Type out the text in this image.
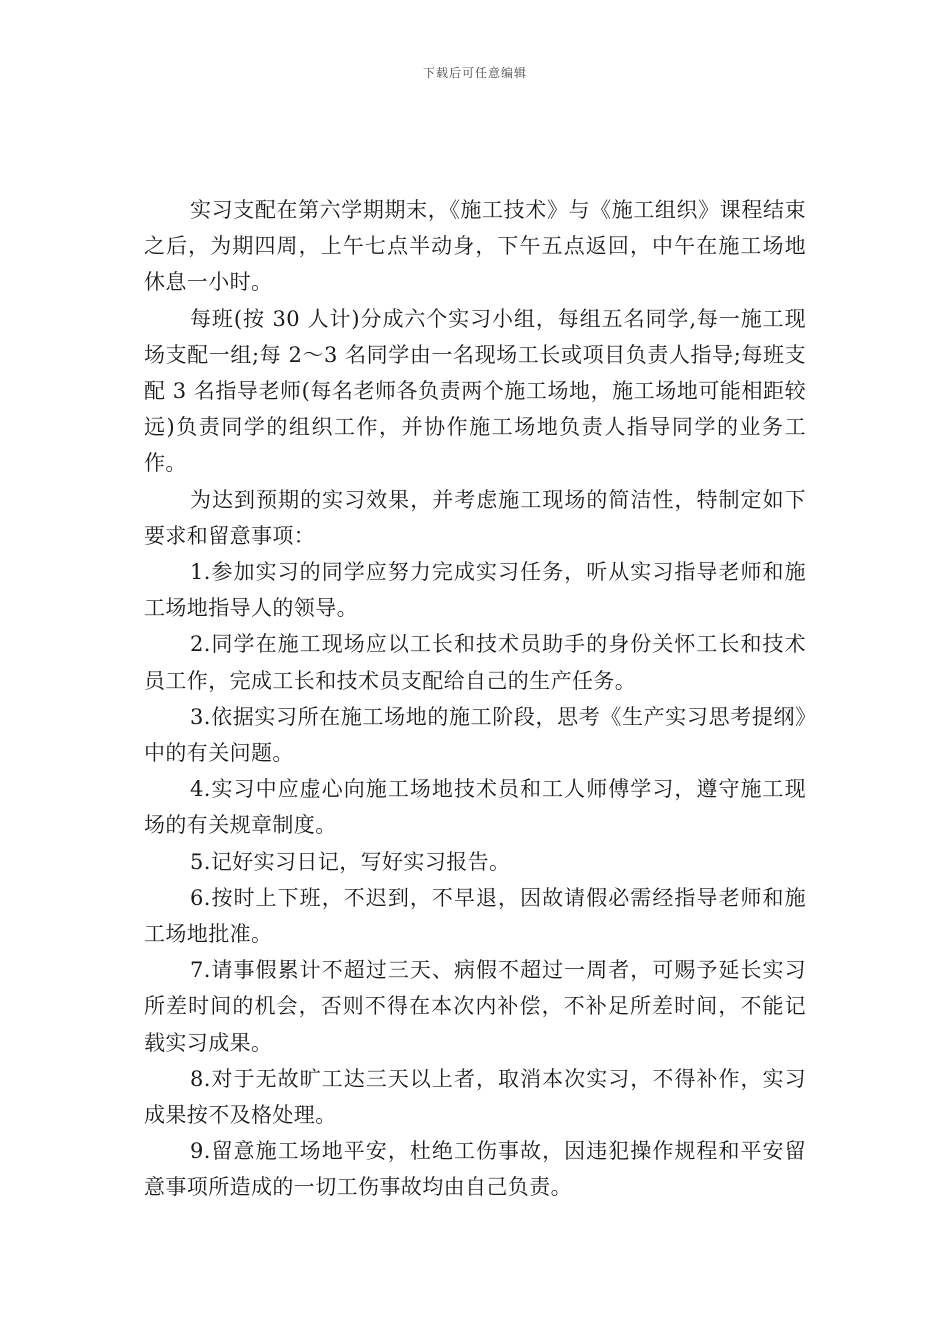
下载后可任意编辑

实习支配在第六学期期末，《施工技术》与《施工组织》课程结束之后，为期四周，上午七点半动身，下午五点返回，中午在施工场地休息一小时。

每班(按 30 人计)分成六个实习小组，每组五名同学,每一施工现场支配一组;每 2～3 名同学由一名现场工长或项目负责人指导;每班支配 3 名指导老师(每名老师各负责两个施工场地，施工场地可能相距较远)负责同学的组织工作，并协作施工场地负责人指导同学的业务工作。

为达到预期的实习效果，并考虑施工现场的简洁性，特制定如下要求和留意事项：

1.参加实习的同学应努力完成实习任务，听从实习指导老师和施工场地指导人的领导。

2.同学在施工现场应以工长和技术员助手的身份关怀工长和技术员工作，完成工长和技术员支配给自己的生产任务。

3.依据实习所在施工场地的施工阶段，思考《生产实习思考提纲》中的有关问题。

4.实习中应虚心向施工场地技术员和工人师傅学习，遵守施工现场的有关规章制度。

5.记好实习日记，写好实习报告。

6.按时上下班，不迟到，不早退，因故请假必需经指导老师和施工场地批准。

7.请事假累计不超过三天、病假不超过一周者，可赐予延长实习所差时间的机会，否则不得在本次内补偿，不补足所差时间，不能记载实习成果。

8.对于无故旷工达三天以上者，取消本次实习，不得补作，实习成果按不及格处理。

9.留意施工场地平安，杜绝工伤事故，因违犯操作规程和平安留意事项所造成的一切工伤事故均由自己负责。
